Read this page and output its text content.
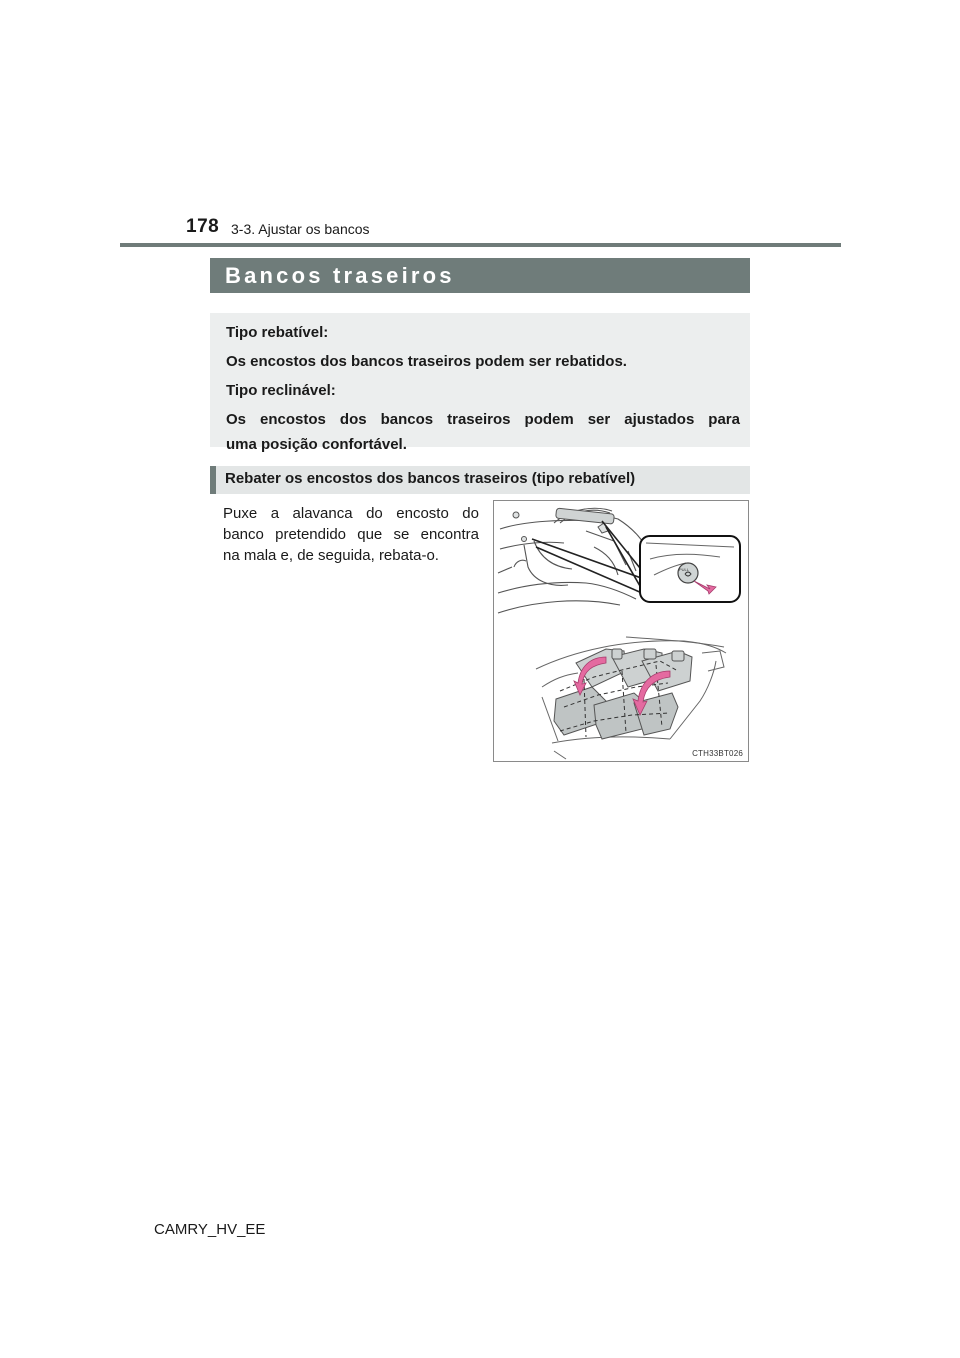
178 3-3. Ajustar os bancos
Bancos traseiros

Tipo rebatível:

Os encostos dos bancos traseiros podem ser rebatidos.

Tipo reclinável:

Os encostos dos bancos traseiros podem ser ajustados para

uma posição confortável.

Rebater os encostos dos bancos traseiros (tipo rebatível)

Puxe a alavanca do encosto do
banco pretendido que se encontra
na mala e, de seguida, rebata-o.

PULL
CTH33BT026
CAMRY_HV_EE
